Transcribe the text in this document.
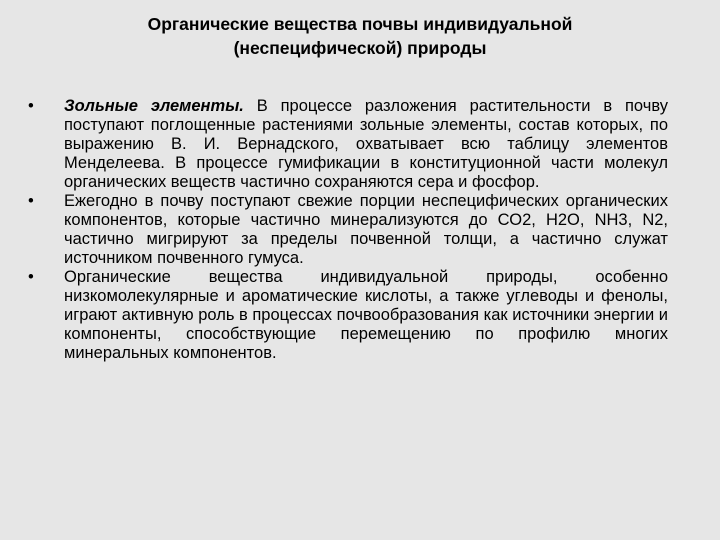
Органические вещества почвы индивидуальной
(неспецифической) природы
•	Зольные элементы. В процессе разложения растительности в почву поступают поглощенные растениями зольные элементы, состав которых, по выражению В. И. Вернадского, охватывает всю таблицу элементов Менделеева. В процессе гумификации в конституционной части молекул органических веществ частично сохраняются сера и фосфор.
•	Ежегодно в почву поступают свежие порции неспецифических органических компонентов, которые частично минерализуются до СО2, Н2О, NH3, N2, частично мигрируют за пределы почвенной толщи, а частично служат источником почвенного гумуса.
•	Органические вещества индивидуальной природы, особенно низкомолекулярные и ароматические кислоты, а также углеводы и фенолы, играют активную роль в процессах почвообразования как источники энергии и компоненты, способствующие перемещению по профилю многих минеральных компонентов.
